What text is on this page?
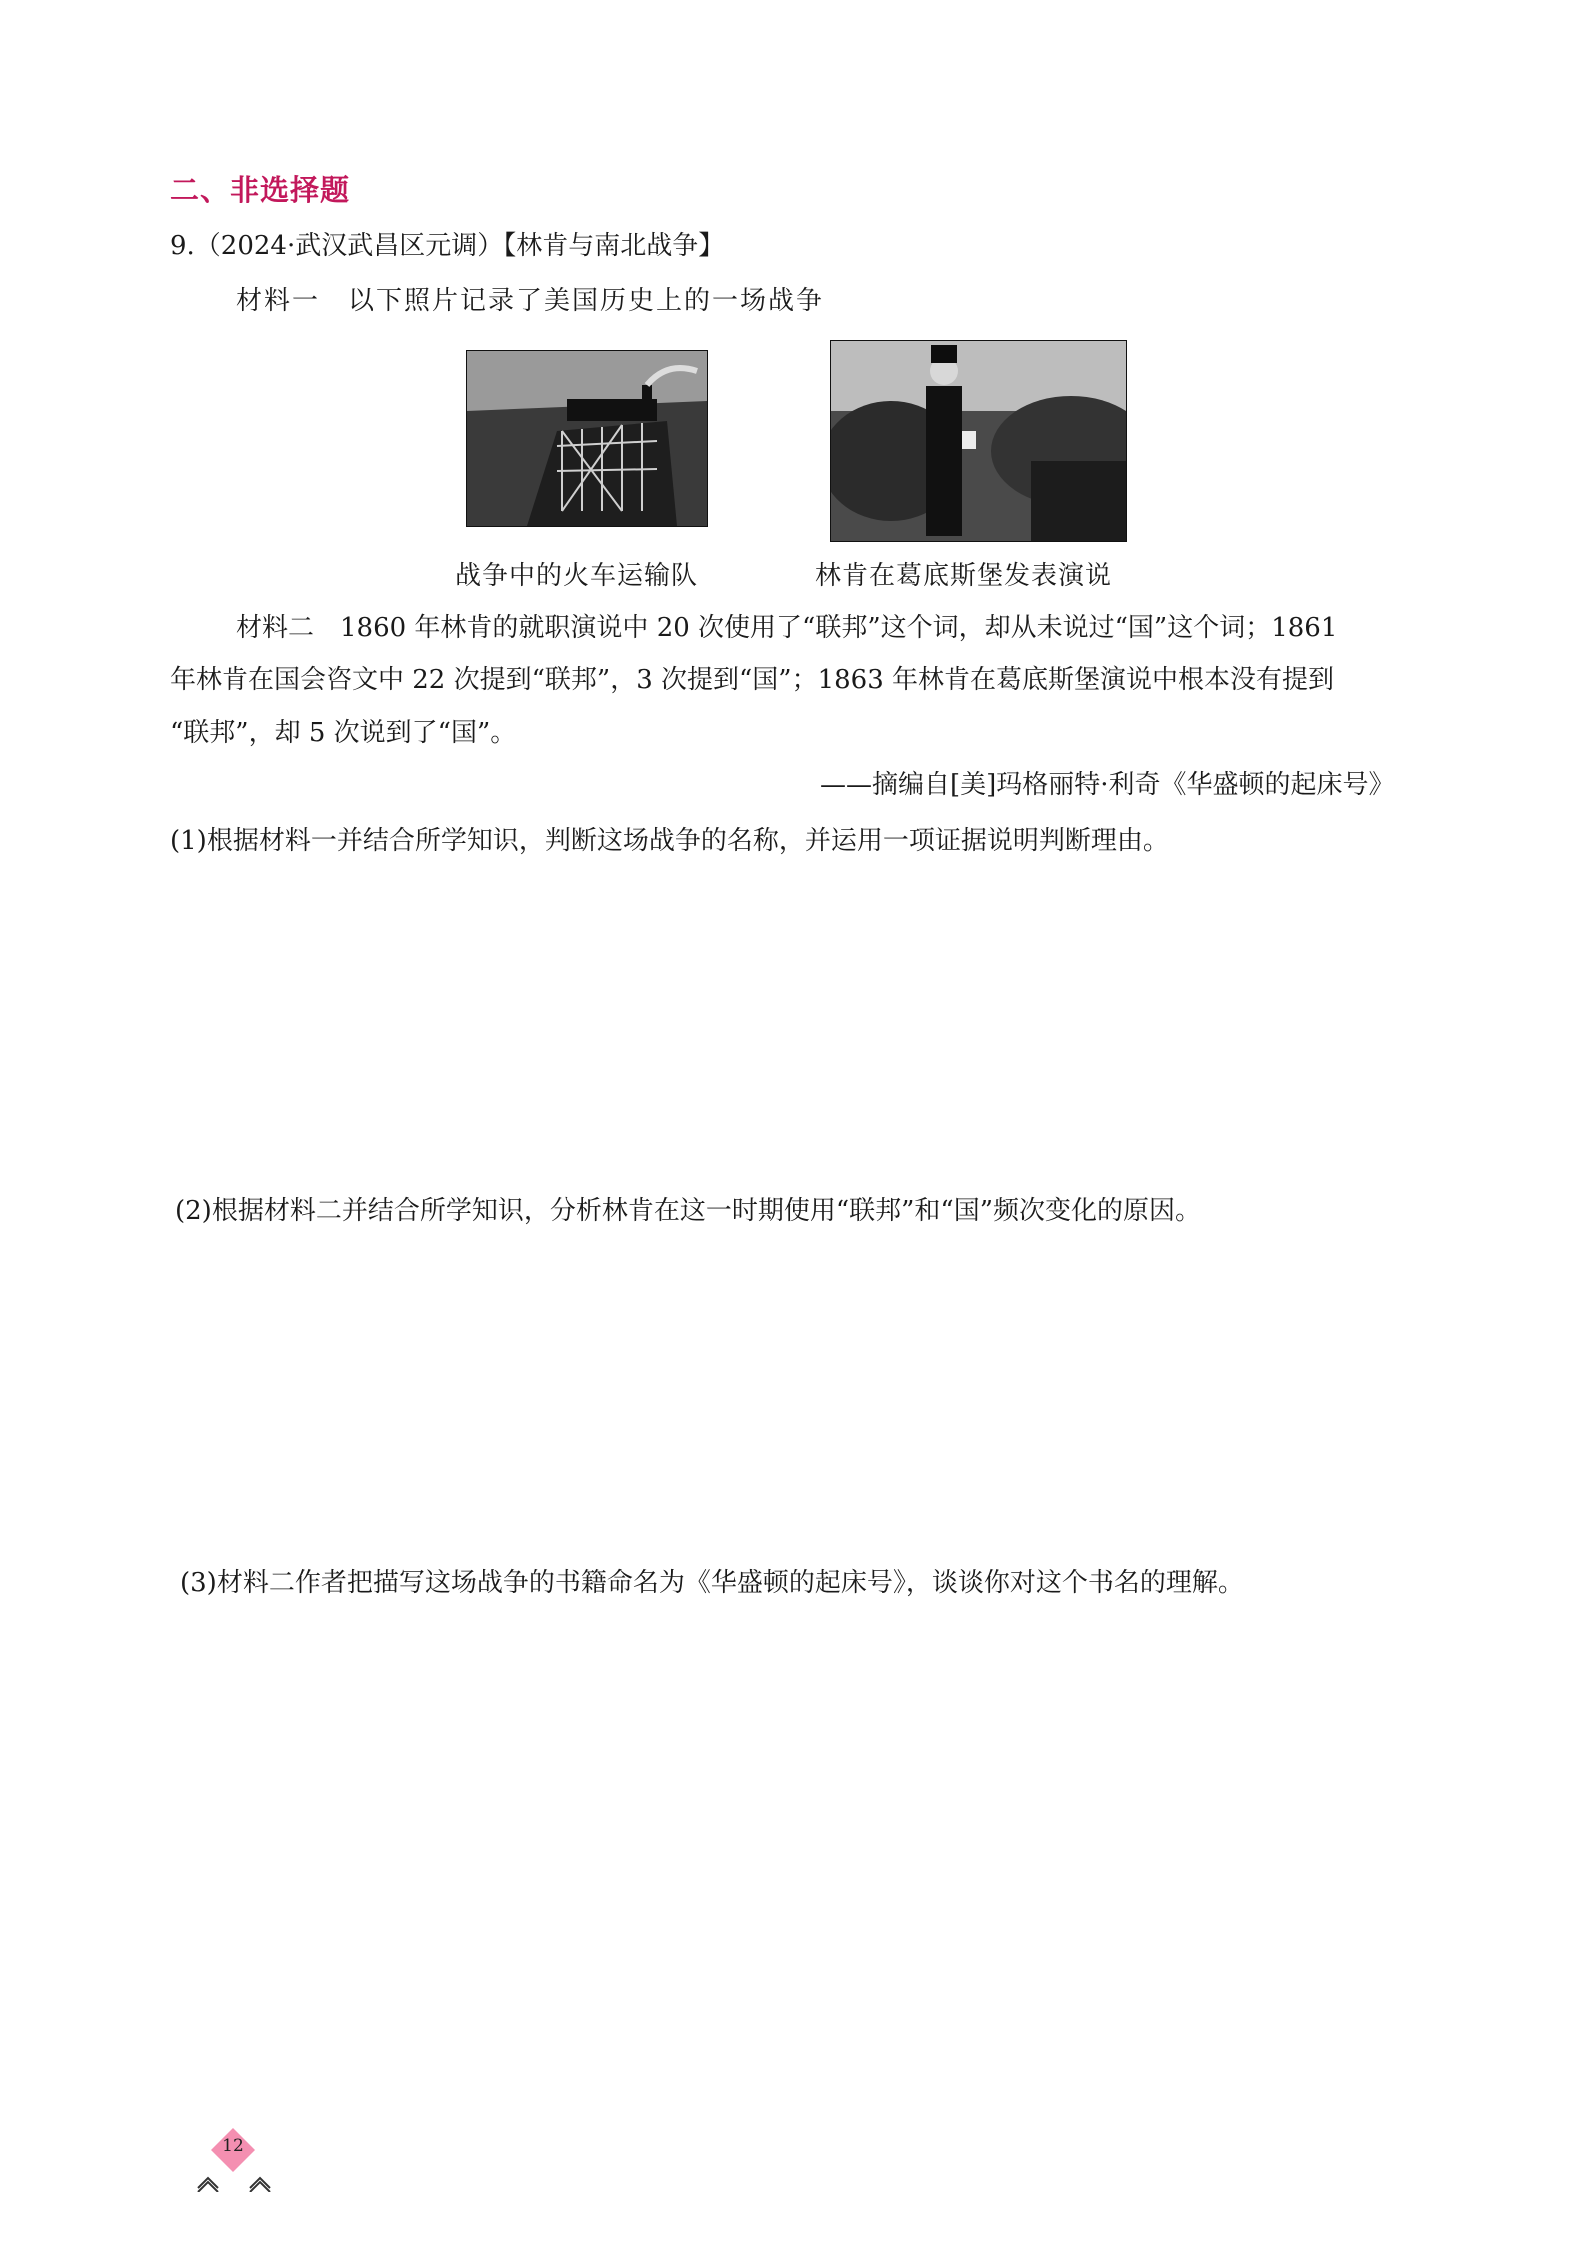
二、非选择题
9.（2024·武汉武昌区元调）【林肯与南北战争】
材料一　以下照片记录了美国历史上的一场战争
战争中的火车运输队	林肯在葛底斯堡发表演说
材料二　1860 年林肯的就职演说中 20 次使用了“联邦”这个词，却从未说过“国”这个词；1861
年林肯在国会咨文中 22 次提到“联邦”，3 次提到“国”；1863 年林肯在葛底斯堡演说中根本没有提到
“联邦”，却 5 次说到了“国”。
——摘编自[美]玛格丽特·利奇《华盛顿的起床号》
(1)根据材料一并结合所学知识，判断这场战争的名称，并运用一项证据说明判断理由。
(2)根据材料二并结合所学知识，分析林肯在这一时期使用“联邦”和“国”频次变化的原因。
(3)材料二作者把描写这场战争的书籍命名为《华盛顿的起床号》，谈谈你对这个书名的理解。
12
